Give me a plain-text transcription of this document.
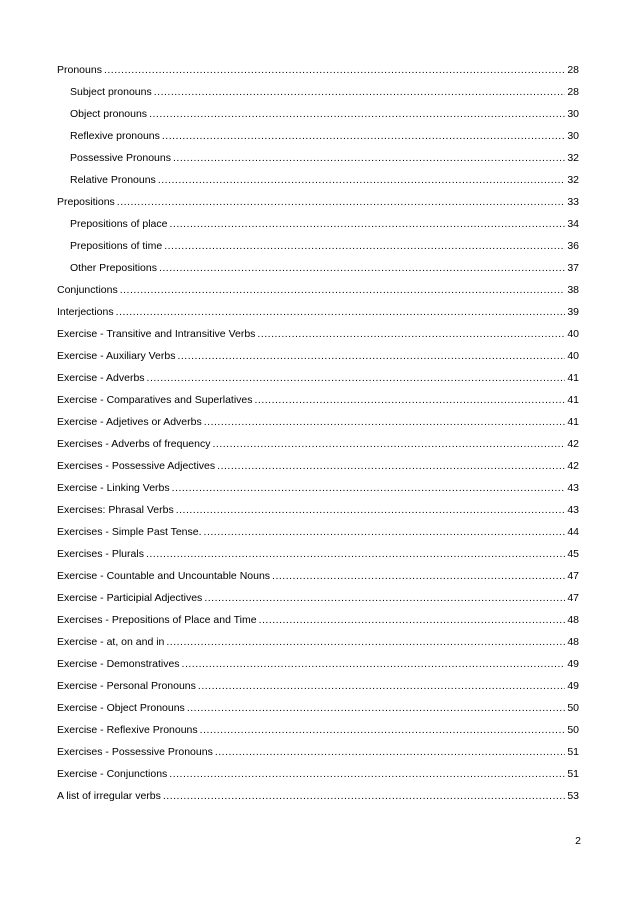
Pronouns .....	28
Subject pronouns .....	28
Object pronouns .....	30
Reflexive pronouns .....	30
Possessive Pronouns .....	32
Relative Pronouns .....	32
Prepositions .....	33
Prepositions of place .....	34
Prepositions of time .....	36
Other Prepositions .....	37
Conjunctions .....	38
Interjections .....	39
Exercise - Transitive and Intransitive Verbs .....	40
Exercise - Auxiliary Verbs .....	40
Exercise - Adverbs .....	41
Exercise - Comparatives and Superlatives .....	41
Exercise - Adjetives or Adverbs .....	41
Exercises - Adverbs of frequency .....	42
Exercises - Possessive Adjectives .....	42
Exercise - Linking Verbs .....	43
Exercises: Phrasal Verbs .....	43
Exercises - Simple Past Tense. .....	44
Exercises - Plurals .....	45
Exercise - Countable and Uncountable Nouns .....	47
Exercise - Participial Adjectives .....	47
Exercises - Prepositions of Place and Time .....	48
Exercise - at, on and in .....	48
Exercise - Demonstratives .....	49
Exercise - Personal Pronouns .....	49
Exercise - Object Pronouns .....	50
Exercise - Reflexive Pronouns .....	50
Exercises - Possessive Pronouns .....	51
Exercise - Conjunctions .....	51
A list of irregular verbs .....	53
2
